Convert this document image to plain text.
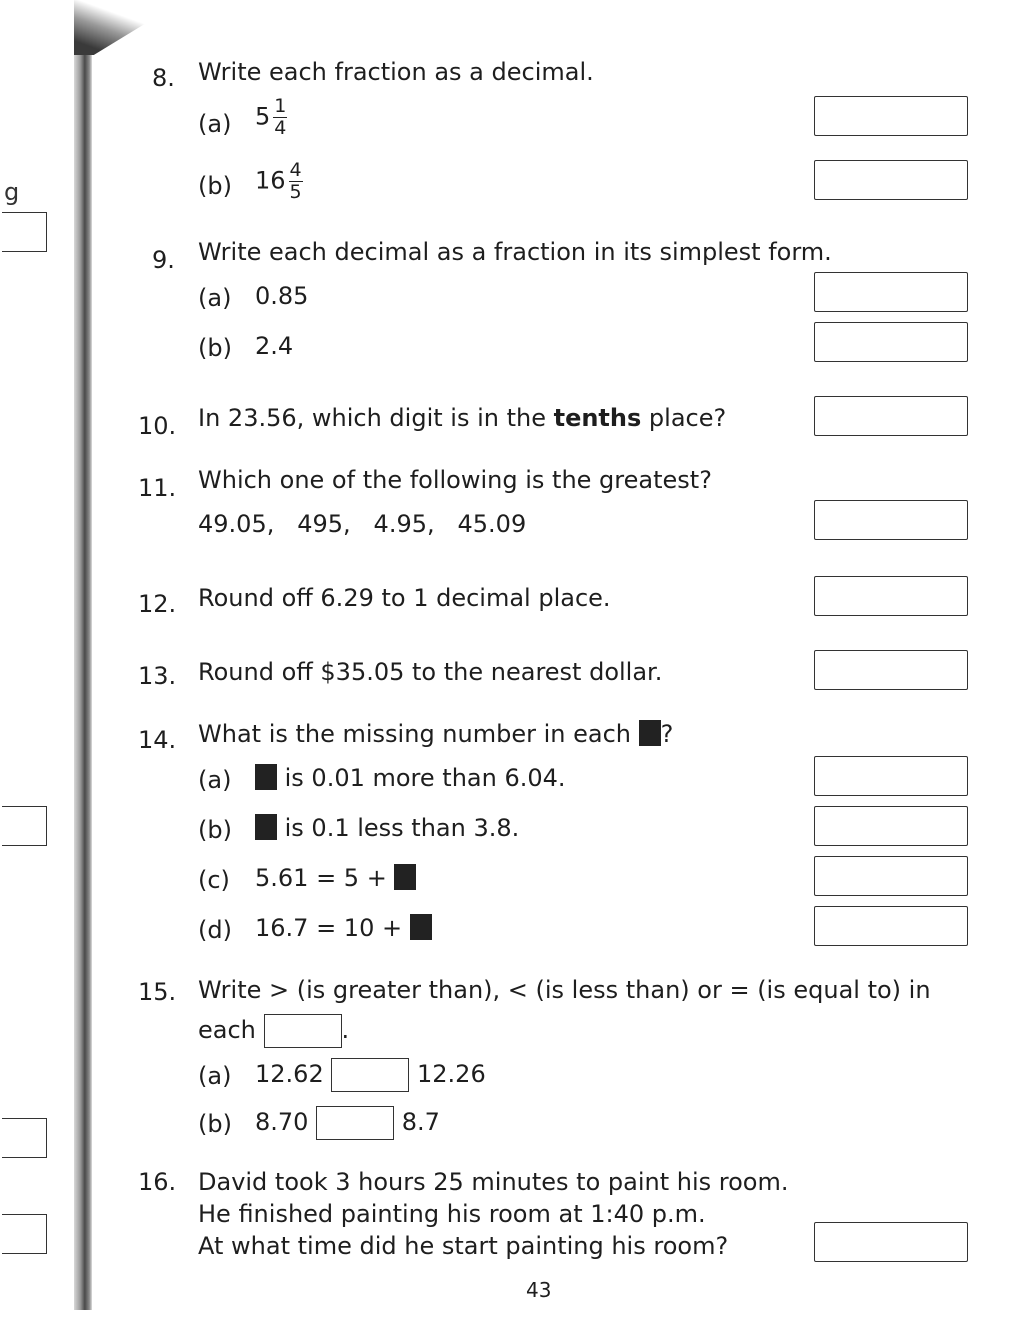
g
8. Write each fraction as a decimal.
(a) $5 \frac{1}{4}$
(b) $16 \frac{4}{5}$
9. Write each decimal as a fraction in its simplest form.
(a) 0.85
(b) 2.4
10. In 23.56, which digit is in the tenths place?
11. Which one of the following is the greatest?
49.05,   495,   4.95,   45.09
12. Round off 6.29 to 1 decimal place.
13. Round off $35.05 to the nearest dollar.
14. What is the missing number in each ?
(a)	is 0.01 more than 6.04.
(b)	is 0.1 less than 3.8.
(c) 5.61 = 5 +
(d) 16.7 = 10 +
15. Write > (is greater than), < (is less than) or = (is equal to) in
each	.
(a) 12.62	12.26
(b) 8.70	8.7
16. David took 3 hours 25 minutes to paint his room.
He finished painting his room at 1:40 p.m.
At what time did he start painting his room?
43
